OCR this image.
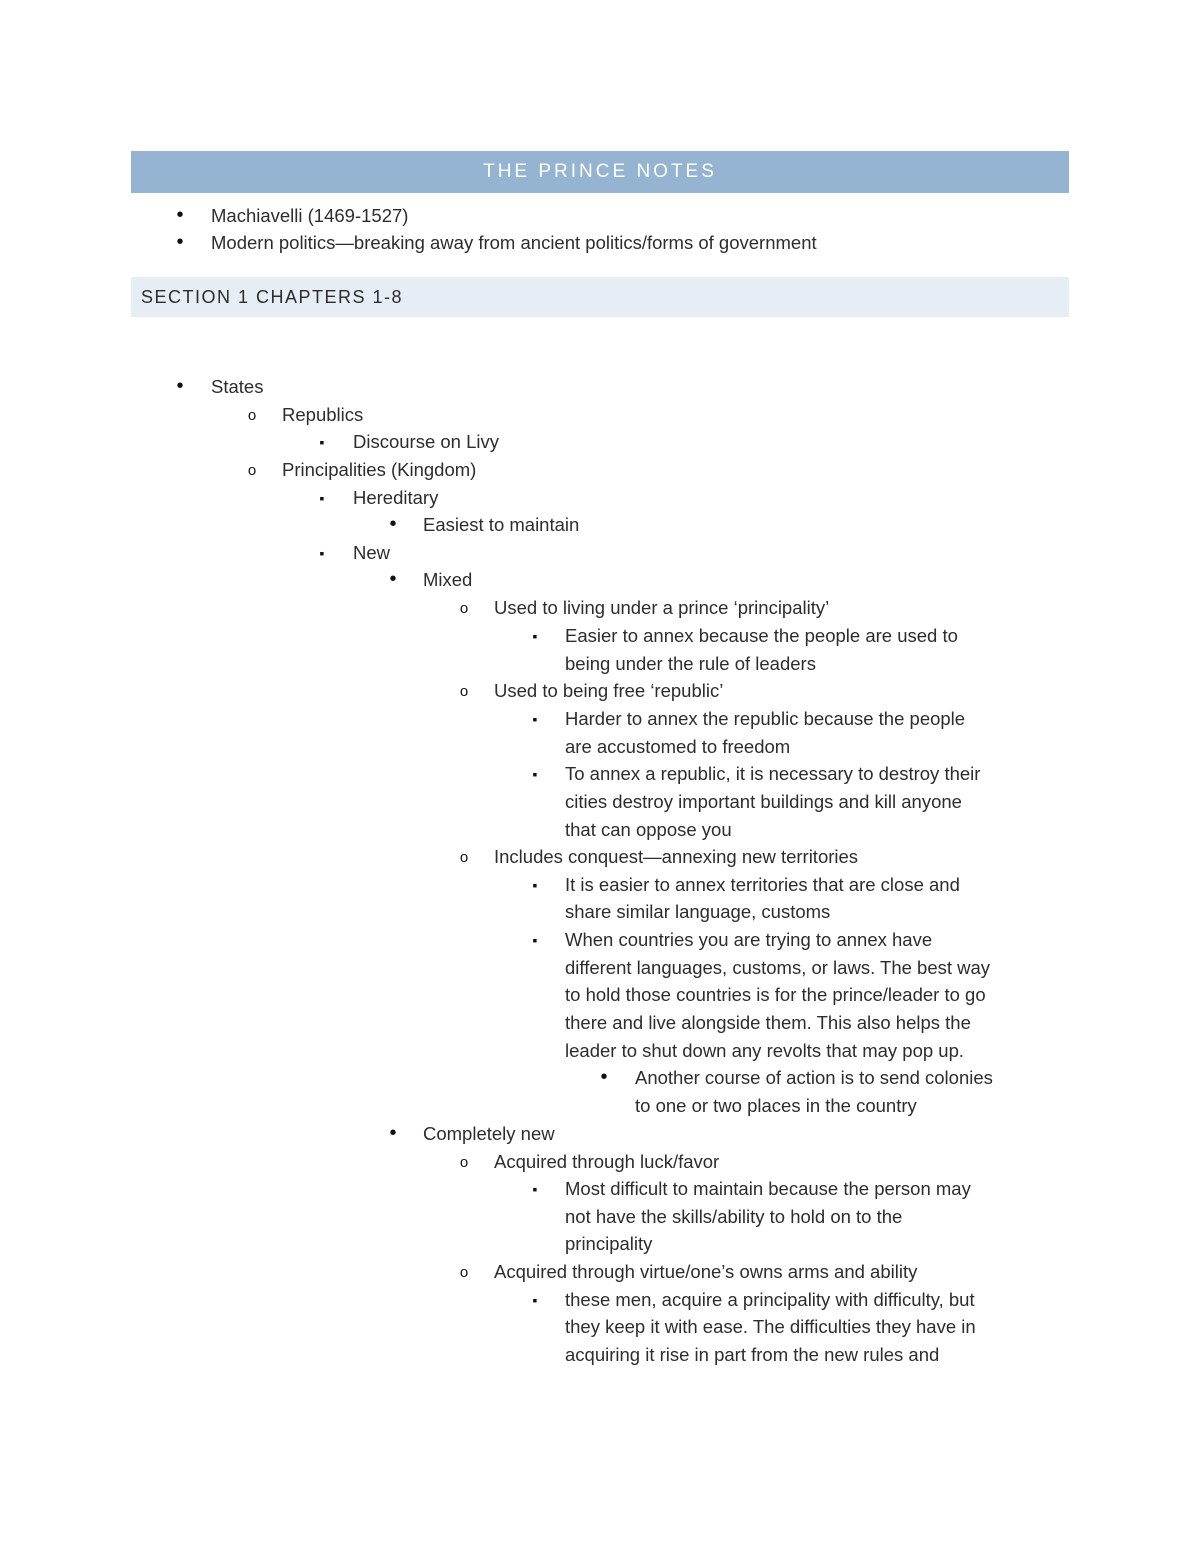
THE PRINCE NOTES
•
Machiavelli (1469-1527)
•
Modern politics—breaking away from ancient politics/forms of government
SECTION 1 CHAPTERS 1-8
•
States
o
Republics
▪
Discourse on Livy
o
Principalities (Kingdom)
▪
Hereditary
•
Easiest to maintain
▪
New
•
Mixed
o
Used to living under a prince ‘principality’
▪
Easier to annex because the people are used to
being under the rule of leaders
o
Used to being free ‘republic’
▪
Harder to annex the republic because the people
are accustomed to freedom
▪
To annex a republic, it is necessary to destroy their
cities destroy important buildings and kill anyone
that can oppose you
o
Includes conquest—annexing new territories
▪
It is easier to annex territories that are close and
share similar language, customs
▪
When countries you are trying to annex have
different languages, customs, or laws. The best way
to hold those countries is for the prince/leader to go
there and live alongside them. This also helps the
leader to shut down any revolts that may pop up.
•
Another course of action is to send colonies
to one or two places in the country
•
Completely new
o
Acquired through luck/favor
▪
Most difficult to maintain because the person may
not have the skills/ability to hold on to the
principality
o
Acquired through virtue/one’s owns arms and ability
▪
these men, acquire a principality with difficulty, but
they keep it with ease. The difficulties they have in
acquiring it rise in part from the new rules and
